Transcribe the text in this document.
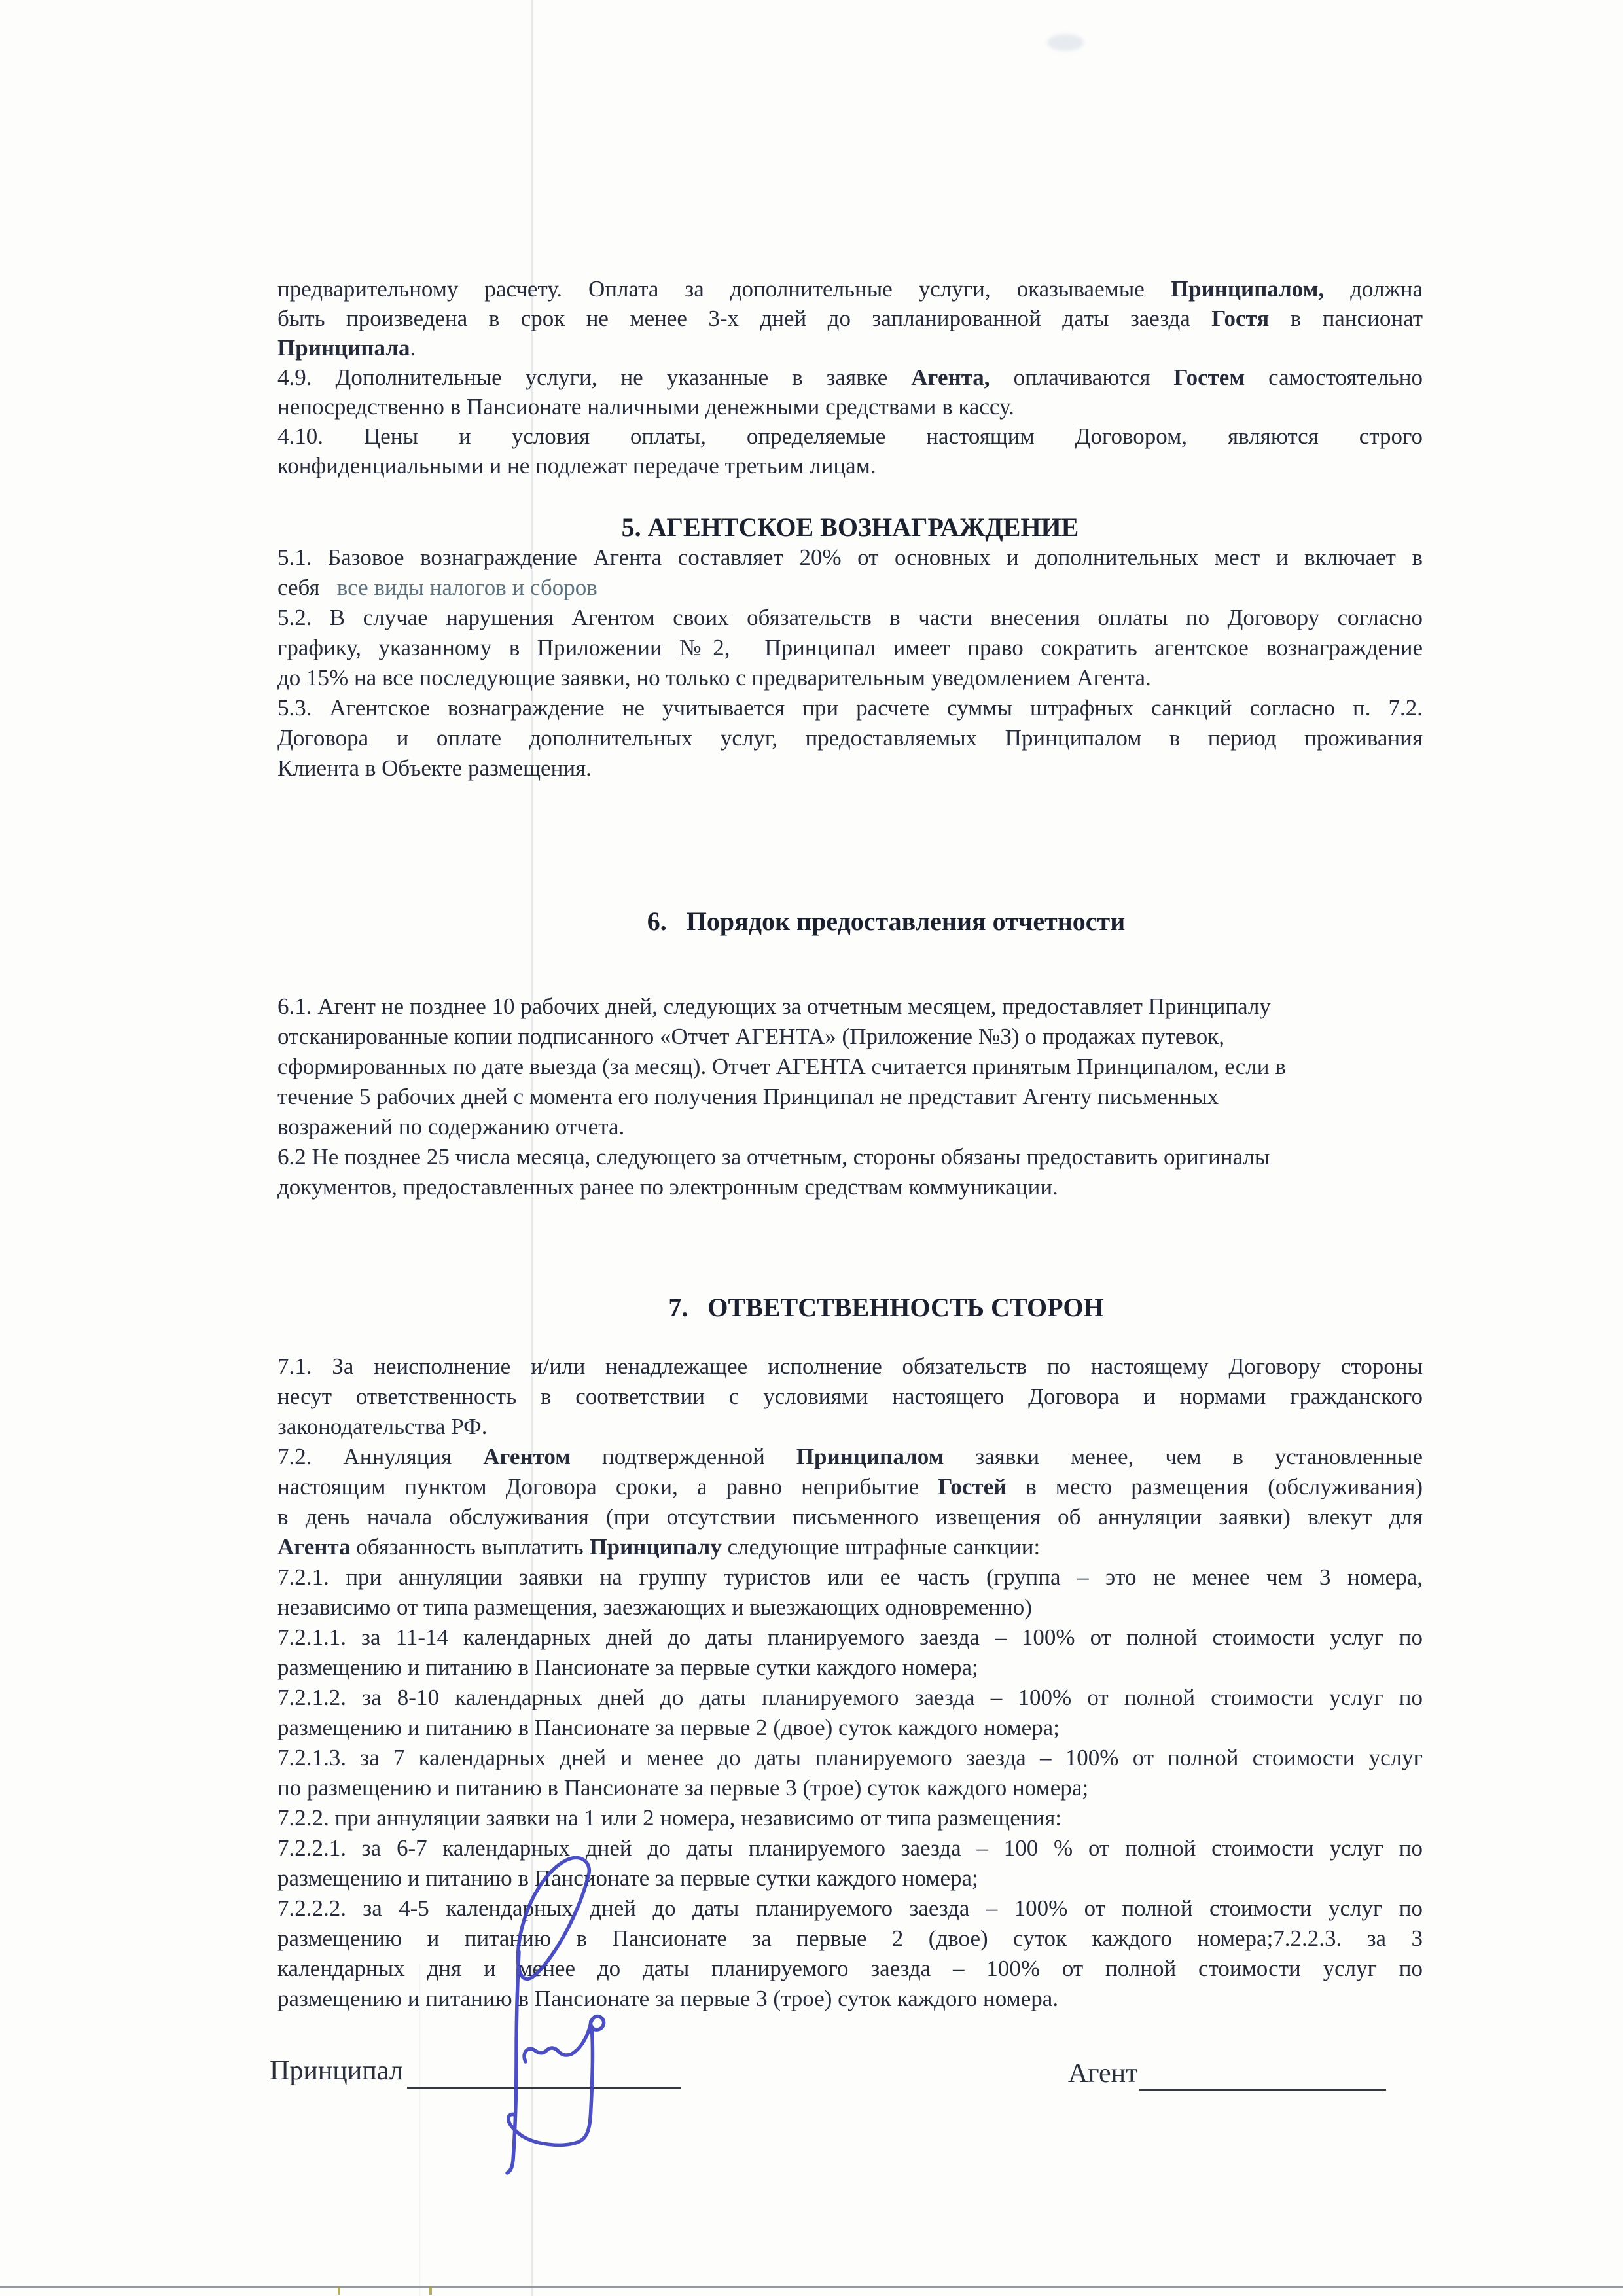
предварительному расчету. Оплата за дополнительные услуги, оказываемые Принципалом, должна
быть произведена в срок не менее 3-х дней до запланированной даты заезда Гостя в пансионат
Принципала.
4.9. Дополнительные услуги, не указанные в заявке Агента, оплачиваются Гостем самостоятельно
непосредственно в Пансионате наличными денежными средствами в кассу.
4.10. Цены и условия оплаты, определяемые настоящим Договором, являются строго
конфиденциальными и не подлежат передаче третьим лицам.
5. АГЕНТСКОЕ ВОЗНАГРАЖДЕНИЕ
5.1. Базовое вознаграждение Агента составляет 20% от основных и дополнительных мест и включает в
себя   все виды налогов и сборов
5.2. В случае нарушения Агентом своих обязательств в части внесения оплаты по Договору согласно
графику, указанному в Приложении №2,  Принципал имеет право сократить агентское вознаграждение
до 15% на все последующие заявки, но только с предварительным уведомлением Агента.
5.3. Агентское вознаграждение не учитывается при расчете суммы штрафных санкций согласно п. 7.2.
Договора и оплате дополнительных услуг, предоставляемых Принципалом в период проживания
Клиента в Объекте размещения.
6.   Порядок предоставления отчетности
6.1. Агент не позднее 10 рабочих дней, следующих за отчетным месяцем, предоставляет Принципалу
отсканированные копии подписанного «Отчет АГЕНТА» (Приложение №3) о продажах путевок,
сформированных по дате выезда (за месяц). Отчет АГЕНТА считается принятым Принципалом, если в
течение 5 рабочих дней с момента его получения Принципал не представит Агенту письменных
возражений по содержанию отчета.
6.2 Не позднее 25 числа месяца, следующего за отчетным, стороны обязаны предоставить оригиналы
документов, предоставленных ранее по электронным средствам коммуникации.
7.   ОТВЕТСТВЕННОСТЬ СТОРОН
7.1. За неисполнение и/или ненадлежащее исполнение обязательств по настоящему Договору стороны
несут ответственность в соответствии с условиями настоящего Договора и нормами гражданского
законодательства РФ.
7.2. Аннуляция Агентом подтвержденной Принципалом заявки менее, чем в установленные
настоящим пунктом Договора сроки, а равно неприбытие Гостей в место размещения (обслуживания)
в день начала обслуживания (при отсутствии письменного извещения об аннуляции заявки) влекут для
Агента обязанность выплатить Принципалу следующие штрафные санкции:
7.2.1. при аннуляции заявки на группу туристов или ее часть (группа – это не менее чем 3 номера,
независимо от типа размещения, заезжающих и выезжающих одновременно)
7.2.1.1. за 11-14 календарных дней до даты планируемого заезда – 100% от полной стоимости услуг по
размещению и питанию в Пансионате за первые сутки каждого номера;
7.2.1.2. за 8-10 календарных дней до даты планируемого заезда – 100% от полной стоимости услуг по
размещению и питанию в Пансионате за первые 2 (двое) суток каждого номера;
7.2.1.3. за 7 календарных дней и менее до даты планируемого заезда – 100% от полной стоимости услуг
по размещению и питанию в Пансионате за первые 3 (трое) суток каждого номера;
7.2.2. при аннуляции заявки на 1 или 2 номера, независимо от типа размещения:
7.2.2.1. за 6-7 календарных дней до даты планируемого заезда – 100 % от полной стоимости услуг по
размещению и питанию в Пансионате за первые сутки каждого номера;
7.2.2.2. за 4-5 календарных дней до даты планируемого заезда – 100% от полной стоимости услуг по
размещению и питанию в Пансионате за первые 2 (двое) суток каждого номера;7.2.2.3. за 3
календарных дня и менее до даты планируемого заезда – 100% от полной стоимости услуг по
размещению и питанию в Пансионате за первые 3 (трое) суток каждого номера.
Принципал	Агент
